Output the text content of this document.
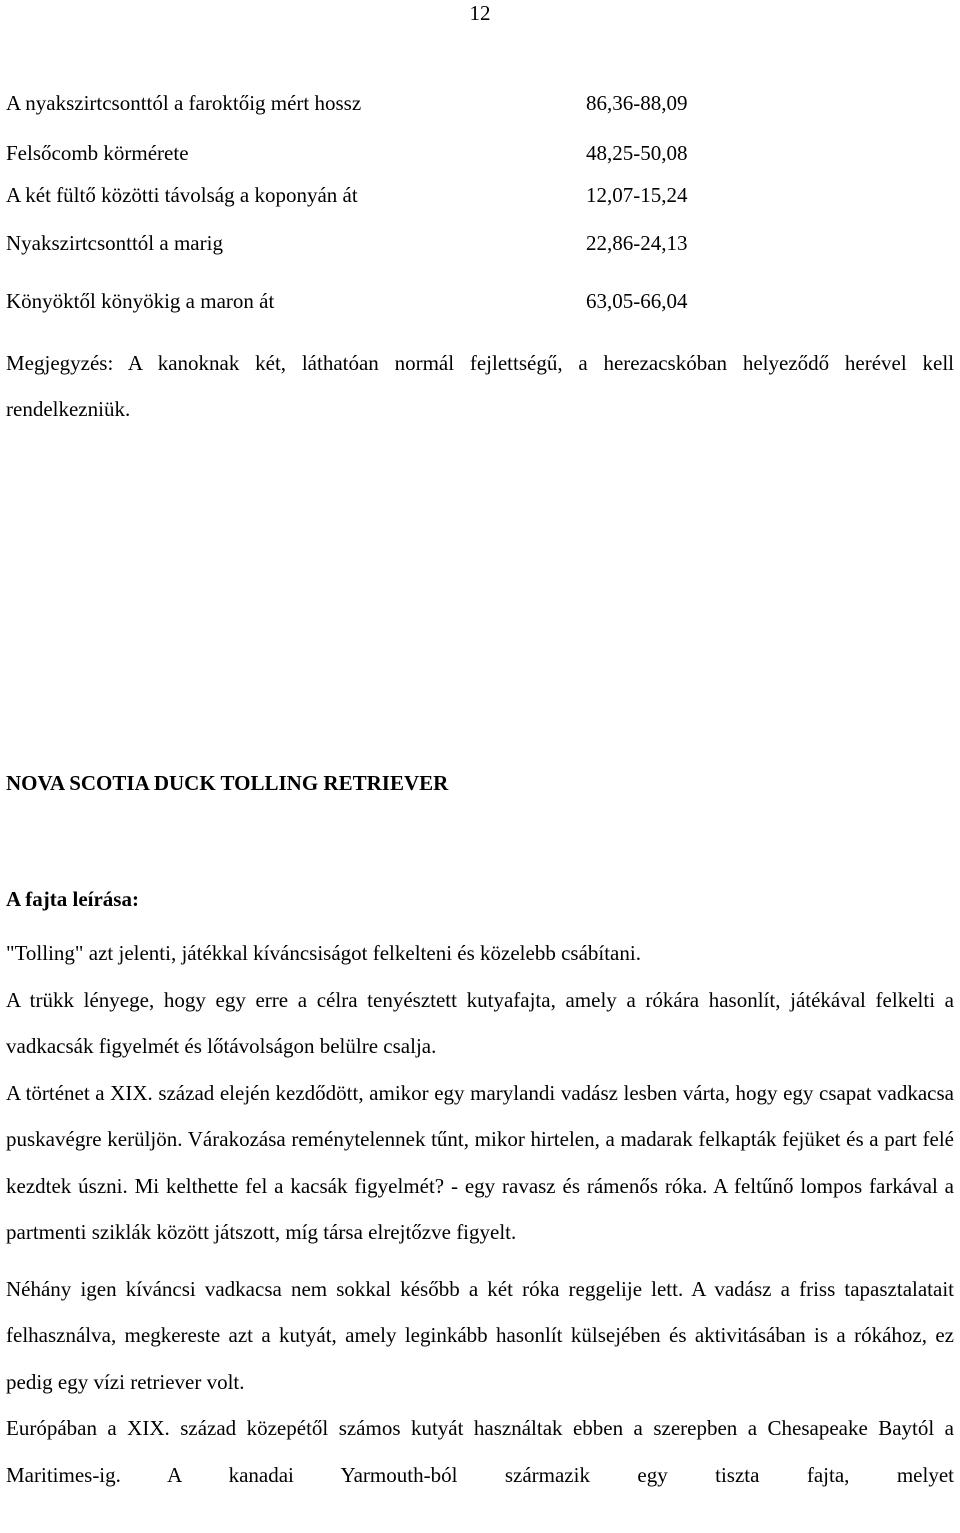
12
A nyakszirtcsonttól a faroktőig mért hossz	86,36-88,09
Felsőcomb körmérete	48,25-50,08
A két fültő közötti távolság a koponyán át	12,07-15,24
Nyakszirtcsonttól a marig	22,86-24,13
Könyöktől könyökig a maron át	63,05-66,04

Megjegyzés: A kanoknak két, láthatóan normál fejlettségű, a herezacskóban helyeződő herével kell rendelkezniük.

NOVA SCOTIA DUCK TOLLING RETRIEVER
A fajta leírása:

"Tolling" azt jelenti, játékkal kíváncsiságot felkelteni és közelebb csábítani.

A trükk lényege, hogy egy erre a célra tenyésztett kutyafajta, amely a rókára hasonlít, játékával felkelti a vadkacsák figyelmét és lőtávolságon belülre csalja.

A történet a XIX. század elején kezdődött, amikor egy marylandi vadász lesben várta, hogy egy csapat vadkacsa puskavégre kerüljön. Várakozása reménytelennek tűnt, mikor hirtelen, a madarak felkapták fejüket és a part felé kezdtek úszni. Mi kelthette fel a kacsák figyelmét? - egy ravasz és rámenős róka. A feltűnő lompos farkával a partmenti sziklák között játszott, míg társa elrejtőzve figyelt.

Néhány igen kíváncsi vadkacsa nem sokkal később a két róka reggelije lett. A vadász a friss tapasztalatait felhasználva, megkereste azt a kutyát, amely leginkább hasonlít külsejében és aktivitásában is a rókához, ez pedig egy vízi retriever volt.

Európában a XIX. század közepétől számos kutyát használtak ebben a szerepben a Chesapeake Baytól a Maritimes-ig. A kanadai Yarmouth-ból származik egy tiszta fajta, melyet
